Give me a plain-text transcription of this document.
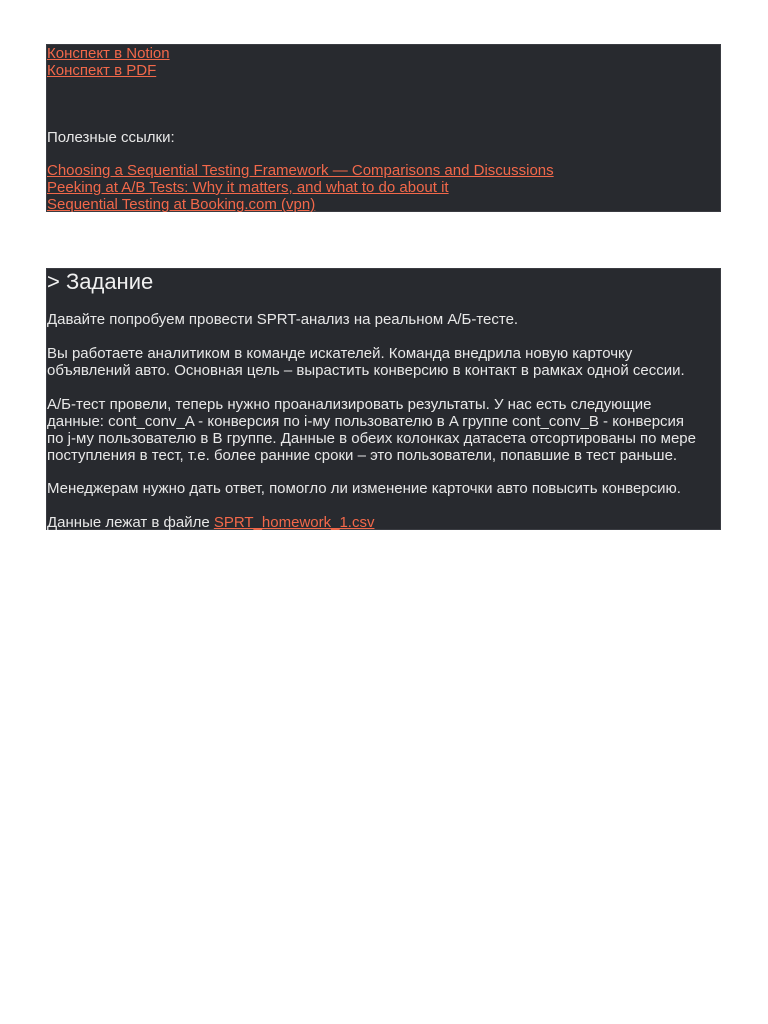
Конспект в Notion
Конспект в PDF
Полезные ссылки:
Choosing a Sequential Testing Framework — Comparisons and Discussions
Peeking at A/B Tests: Why it matters, and what to do about it
Sequential Testing at Booking.com (vpn)
> Задание

Давайте попробуем провести SPRT-анализ на реальном А/Б-тесте.

Вы работаете аналитиком в команде искателей. Команда внедрила новую карточку
объявлений авто. Основная цель – вырастить конверсию в контакт в рамках одной сессии.
А/Б-тест провели, теперь нужно проанализировать результаты. У нас есть следующие
данные: cont_conv_A - конверсия по i-му пользователю в A группе cont_conv_B - конверсия
по j-му пользователю в B группе. Данные в обеих колонках датасета отсортированы по мере
поступления в тест, т.е. более ранние сроки – это пользователи, попавшие в тест раньше.

Менеджерам нужно дать ответ, помогло ли изменение карточки авто повысить конверсию.

Данные лежат в файле SPRT_homework_1.csv
